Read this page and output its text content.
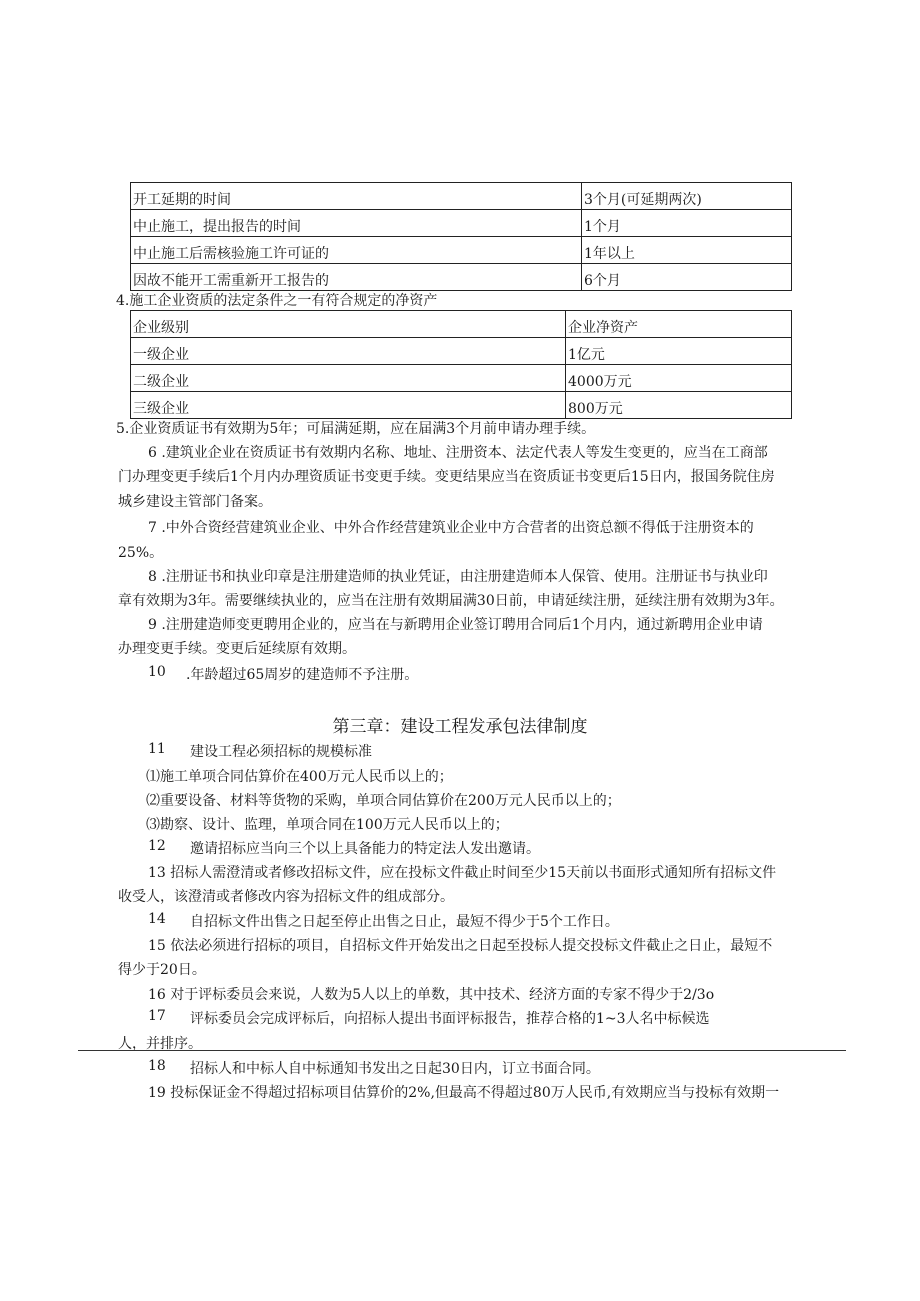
开工延期的时间	3个月(可延期两次)
中止施工，提出报告的时间	1个月
中止施工后需核验施工许可证的	1年以上
因故不能开工需重新开工报告的	6个月
4.施工企业资质的法定条件之一有符合规定的净资产
企业级别	企业净资产
一级企业	1亿元
二级企业	4000万元
三级企业	800万元
5.企业资质证书有效期为5年；可届满延期，应在届满3个月前申请办理手续。
6 .建筑业企业在资质证书有效期内名称、地址、注册资本、法定代表人等发生变更的，应当在工商部
门办理变更手续后1个月内办理资质证书变更手续。变更结果应当在资质证书变更后15日内，报国务院住房
城乡建设主管部门备案。
7 .中外合资经营建筑业企业、中外合作经营建筑业企业中方合营者的出资总额不得低于注册资本的
25%。
8 .注册证书和执业印章是注册建造师的执业凭证，由注册建造师本人保管、使用。注册证书与执业印
章有效期为3年。需要继续执业的，应当在注册有效期届满30日前，申请延续注册，延续注册有效期为3年。
9 .注册建造师变更聘用企业的，应当在与新聘用企业签订聘用合同后1个月内，通过新聘用企业申请
办理变更手续。变更后延续原有效期。
10 .年龄超过65周岁的建造师不予注册。
第三章：建设工程发承包法律制度
11 建设工程必须招标的规模标准
⑴施工单项合同估算价在400万元人民币以上的；
⑵重要设备、材料等货物的采购，单项合同估算价在200万元人民币以上的；
⑶勘察、设计、监理，单项合同在100万元人民币以上的；
12 邀请招标应当向三个以上具备能力的特定法人发出邀请。
13 招标人需澄清或者修改招标文件，应在投标文件截止时间至少15天前以书面形式通知所有招标文件
收受人，该澄清或者修改内容为招标文件的组成部分。
14 自招标文件出售之日起至停止出售之日止，最短不得少于5个工作日。
15 依法必须进行招标的项目，自招标文件开始发出之日起至投标人提交投标文件截止之日止，最短不
得少于20日。
16 对于评标委员会来说，人数为5人以上的单数，其中技术、经济方面的专家不得少于2/3o
17 评标委员会完成评标后，向招标人提出书面评标报告，推荐合格的1~3人名中标候选
人，并排序。
18 招标人和中标人自中标通知书发出之日起30日内，订立书面合同。
19 投标保证金不得超过招标项目估算价的2%,但最高不得超过80万人民币,有效期应当与投标有效期一
